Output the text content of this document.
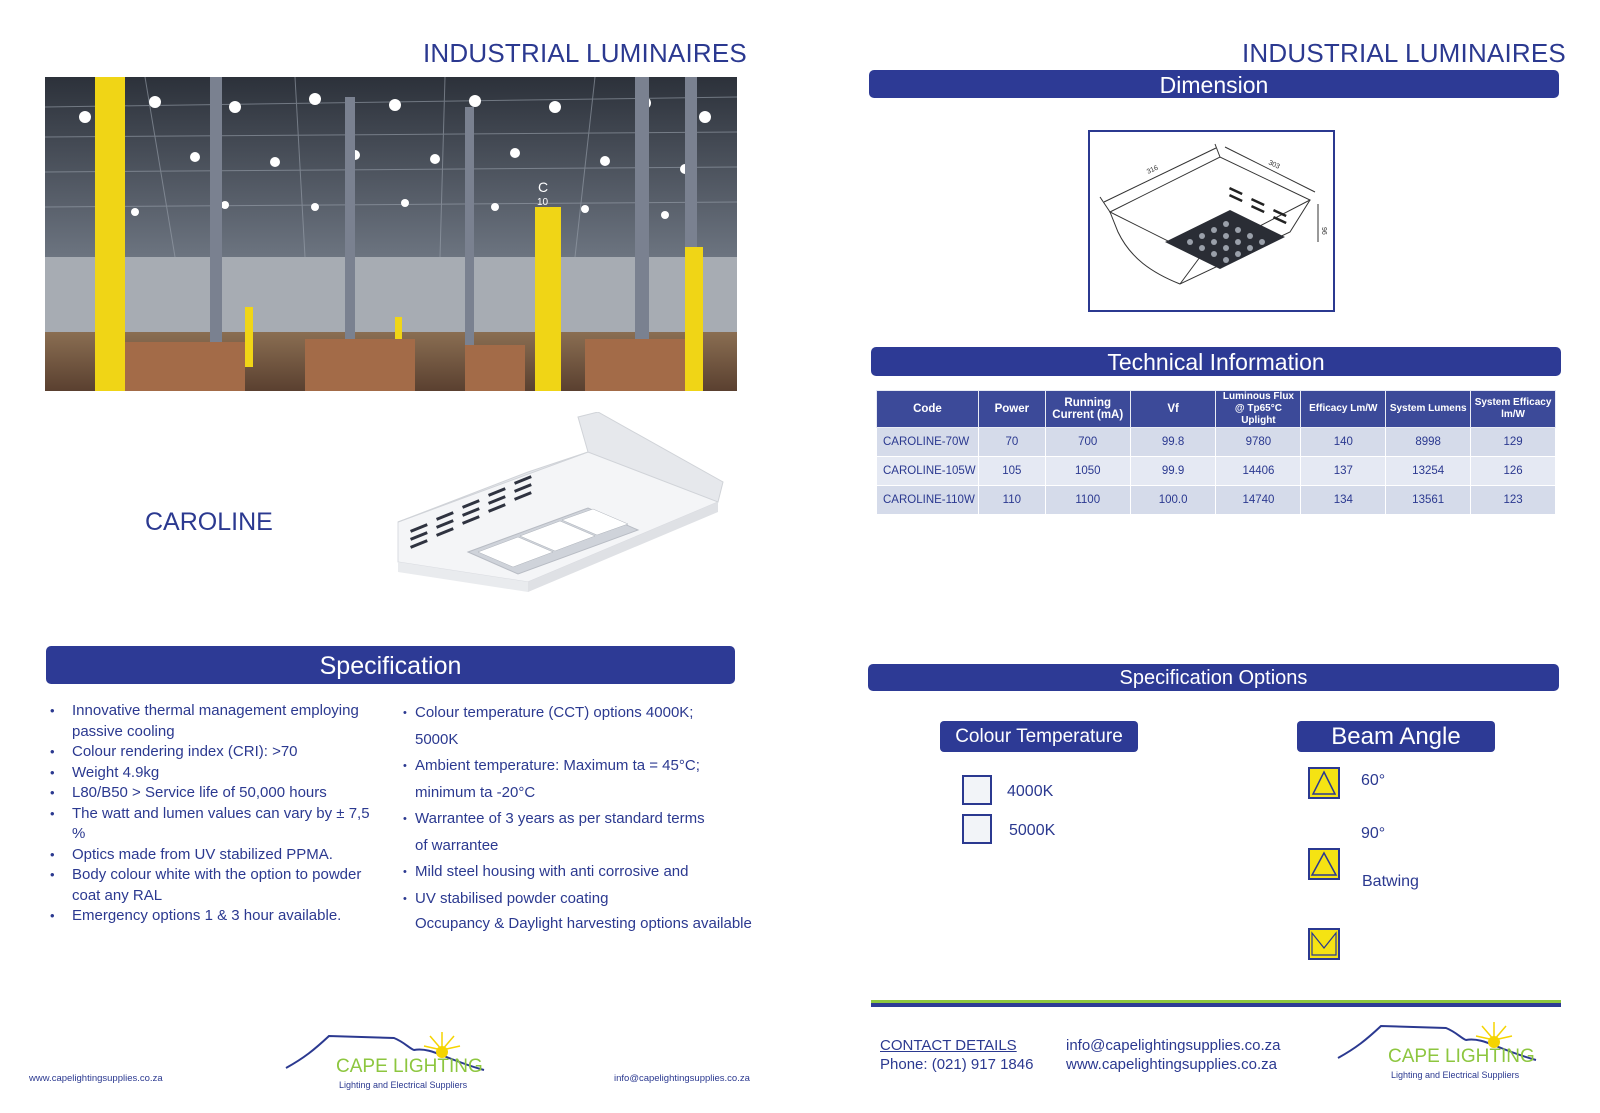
INDUSTRIAL LUMINAIRES
C
10
CAROLINE
Specification
• Innovative thermal management employing passive cooling
• Colour rendering index (CRI): >70
• Weight 4.9kg
• L80/B50 > Service life of 50,000 hours
• The watt and lumen values can vary by ± 7,5 %
• Optics made from UV stabilized PPMA.
• Body colour white with the option to powder coat any RAL
• Emergency options 1 & 3 hour available.
• Colour temperature (CCT) options 4000K; 5000K
• Ambient temperature: Maximum ta = 45°C; minimum ta -20°C
• Warrantee of 3 years as per standard terms of warrantee
• Mild steel housing with anti corrosive and
• UV stabilised powder coating
Occupancy & Daylight harvesting options available
www.capelightingsupplies.co.za	info@capelightingsupplies.co.za
CAPE LIGHTING
Lighting and Electrical Suppliers
INDUSTRIAL LUMINAIRES
Dimension
316	303
96
Technical Information
Code	Power	Running Current (mA)	Vf	Luminous Flux @ Tp65°C Uplight	Efficacy Lm/W	System Lumens	System Efficacy lm/W
CAROLINE-70W	70	700	99.8	9780	140	8998	129
CAROLINE-105W	105	1050	99.9	14406	137	13254	126
CAROLINE-110W	110	1100	100.0	14740	134	13561	123
Specification Options
Colour Temperature	Beam Angle
4000K
5000K
60°
90°
Batwing
CONTACT DETAILS
Phone: (021) 917 1846
info@capelightingsupplies.co.za
www.capelightingsupplies.co.za	CAPE LIGHTING
Lighting and Electrical Suppliers
